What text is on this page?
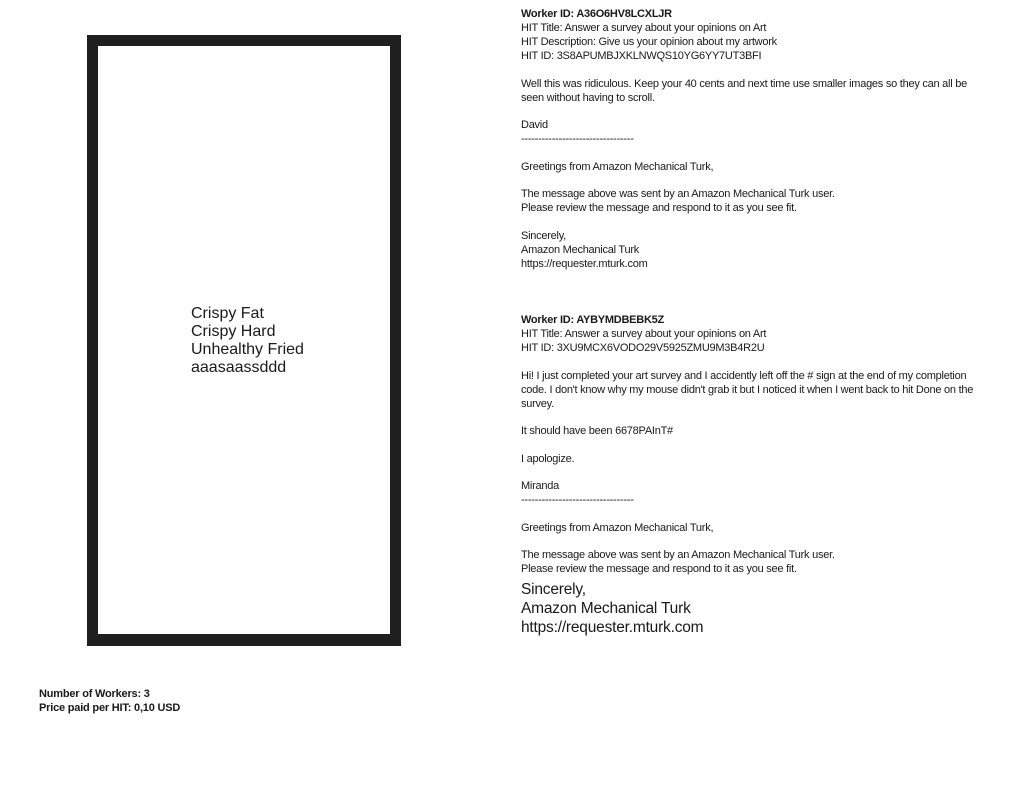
Crispy Fat
Crispy Hard
Unhealthy Fried
aaasaassddd
Number of Workers: 3
Price paid per HIT: 0,10 USD
Worker ID: A36O6HV8LCXLJR
HIT Title: Answer a survey about your opinions on Art
HIT Description: Give us your opinion about my artwork
HIT ID: 3S8APUMBJXKLNWQS10YG6YY7UT3BFI
Well this was ridiculous. Keep your 40 cents and next time use smaller images so they can all be seen without having to scroll.
David
---------------------------------
Greetings from Amazon Mechanical Turk,
The message above was sent by an Amazon Mechanical Turk user.
Please review the message and respond to it as you see fit.
Sincerely,
Amazon Mechanical Turk
https://requester.mturk.com
Worker ID: AYBYMDBEBK5Z
HIT Title: Answer a survey about your opinions on Art
HIT ID: 3XU9MCX6VODO29V5925ZMU9M3B4R2U
Hi! I just completed your art survey and I accidently left off the # sign at the end of my completion code. I don't know why my mouse didn't grab it but I noticed it when I went back to hit Done on the survey.
It should have been 6678PAInT#
I apologize.
Miranda
---------------------------------
Greetings from Amazon Mechanical Turk,
The message above was sent by an Amazon Mechanical Turk user.
Please review the message and respond to it as you see fit.
Sincerely,
Amazon Mechanical Turk
https://requester.mturk.com
